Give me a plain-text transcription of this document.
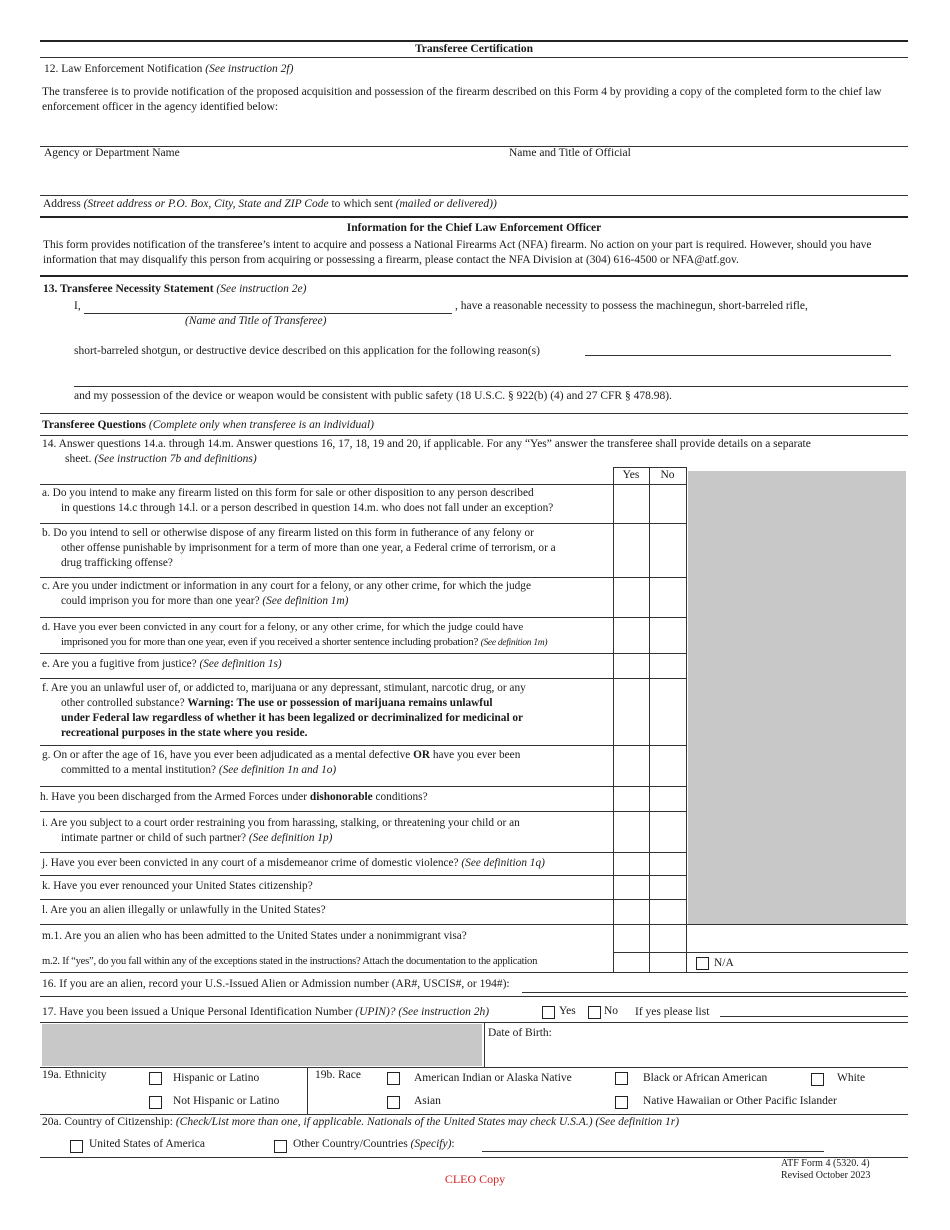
Transferee Certification
12. Law Enforcement Notification (See instruction 2f)
The transferee is to provide notification of the proposed acquisition and possession of the firearm described on this Form 4 by providing a copy of the completed form to the chief law enforcement officer in the agency identified below:
Agency or Department Name	Name and Title of Official
Address (Street address or P.O. Box, City, State and ZIP Code to which sent (mailed or delivered))
Information for the Chief Law Enforcement Officer
This form provides notification of the transferee’s intent to acquire and possess a National Firearms Act (NFA) firearm. No action on your part is required. However, should you have information that may disqualify this person from acquiring or possessing a firearm, please contact the NFA Division at (304) 616-4500 or NFA@atf.gov.
13. Transferee Necessity Statement (See instruction 2e)
I,	, have a reasonable necessity to possess the machinegun, short-barreled rifle,
(Name and Title of Transferee)
short-barreled shotgun, or destructive device described on this application for the following reason(s)
and my possession of the device or weapon would be consistent with public safety (18 U.S.C. § 922(b) (4) and 27 CFR § 478.98).
Transferee Questions (Complete only when transferee is an individual)
14. Answer questions 14.a. through 14.m. Answer questions 16, 17, 18, 19 and 20, if applicable. For any “Yes” answer the transferee shall provide details on a separate
sheet. (See instruction 7b and definitions)
Yes	No
a. Do you intend to make any firearm listed on this form for sale or other disposition to any person described
in questions 14.c through 14.l. or a person described in question 14.m. who does not fall under an exception?
b. Do you intend to sell or otherwise dispose of any firearm listed on this form in futherance of any felony or
other offense punishable by imprisonment for a term of more than one year, a Federal crime of terrorism, or a
drug trafficking offense?
c. Are you under indictment or information in any court for a felony, or any other crime, for which the judge
could imprison you for more than one year? (See definition 1m)
d. Have you ever been convicted in any court for a felony, or any other crime, for which the judge could have
imprisoned you for more than one year, even if you received a shorter sentence including probation? (See definition 1m)
e. Are you a fugitive from justice? (See definition 1s)
f. Are you an unlawful user of, or addicted to, marijuana or any depressant, stimulant, narcotic drug, or any
other controlled substance? Warning: The use or possession of marijuana remains unlawful
under Federal law regardless of whether it has been legalized or decriminalized for medicinal or
recreational purposes in the state where you reside.
g. On or after the age of 16, have you ever been adjudicated as a mental defective OR have you ever been
committed to a mental institution? (See definition 1n and 1o)
h. Have you been discharged from the Armed Forces under dishonorable conditions?
i. Are you subject to a court order restraining you from harassing, stalking, or threatening your child or an
intimate partner or child of such partner? (See definition 1p)
j. Have you ever been convicted in any court of a misdemeanor crime of domestic violence? (See definition 1q)
k. Have you ever renounced your United States citizenship?
l. Are you an alien illegally or unlawfully in the United States?
m.1. Are you an alien who has been admitted to the United States under a nonimmigrant visa?
m.2. If “yes”, do you fall within any of the exceptions stated in the instructions? Attach the documentation to the application	N/A
16. If you are an alien, record your U.S.-Issued Alien or Admission number (AR#, USCIS#, or 194#):
17. Have you been issued a Unique Personal Identification Number (UPIN)? (See instruction 2h)	Yes No If yes please list
Date of Birth:
19a. Ethnicity	Hispanic or Latino
Not Hispanic or Latino
19b. Race	American Indian or Alaska Native	Black or African American	White
Asian	Native Hawaiian or Other Pacific Islander
20a. Country of Citizenship: (Check/List more than one, if applicable. Nationals of the United States may check U.S.A.) (See definition 1r)
United States of America	Other Country/Countries (Specify):
ATF Form 4 (5320. 4)
Revised October 2023
CLEO Copy
